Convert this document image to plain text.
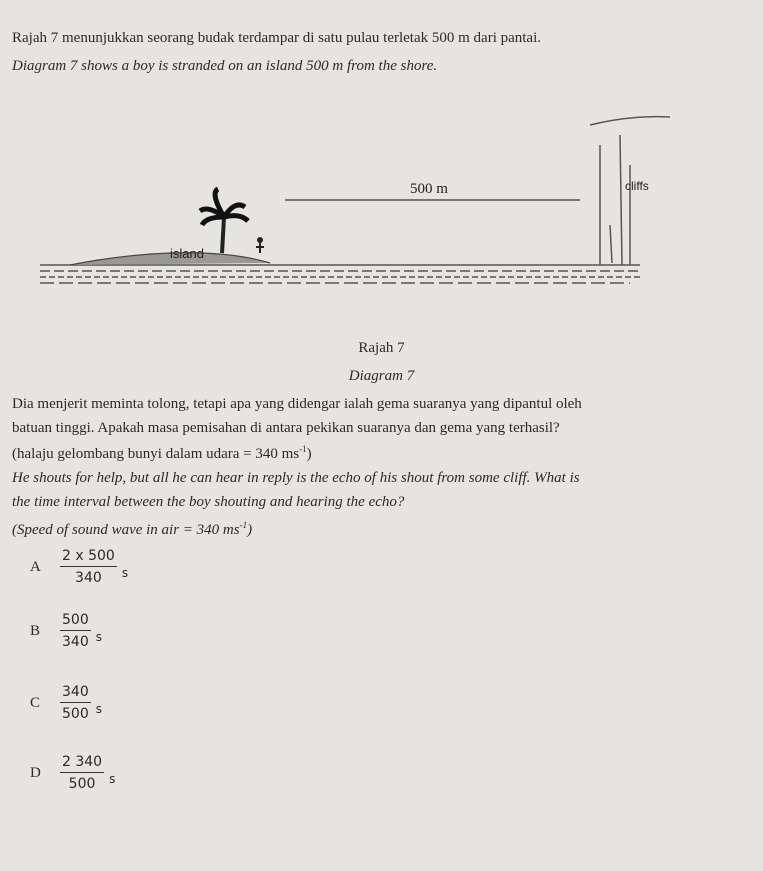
Rajah 7 menunjukkan seorang budak terdampar di satu pulau terletak 500 m dari pantai.
Diagram 7 shows a boy is stranded on an island 500 m from the shore.
500 m
island
cliffs
Rajah 7
Diagram 7
Dia menjerit meminta tolong, tetapi apa yang didengar ialah gema suaranya yang dipantul oleh
batuan tinggi. Apakah masa pemisahan di antara pekikan suaranya dan gema yang terhasil?
(halaju gelombang bunyi dalam udara = 340 $ms^{-1}$)
He shouts for help, but all he can hear in reply is the echo of his shout from some cliff. What is
the time interval between the boy shouting and hearing the echo?
(Speed of sound wave in air = 340 $ms^{-1}$)
A	$\frac{2 x 500}{340}$ s
B	$\frac{500}{340}$ s
C	$\frac{340}{500}$ s
D	$\frac{2 340}{500}$ s
